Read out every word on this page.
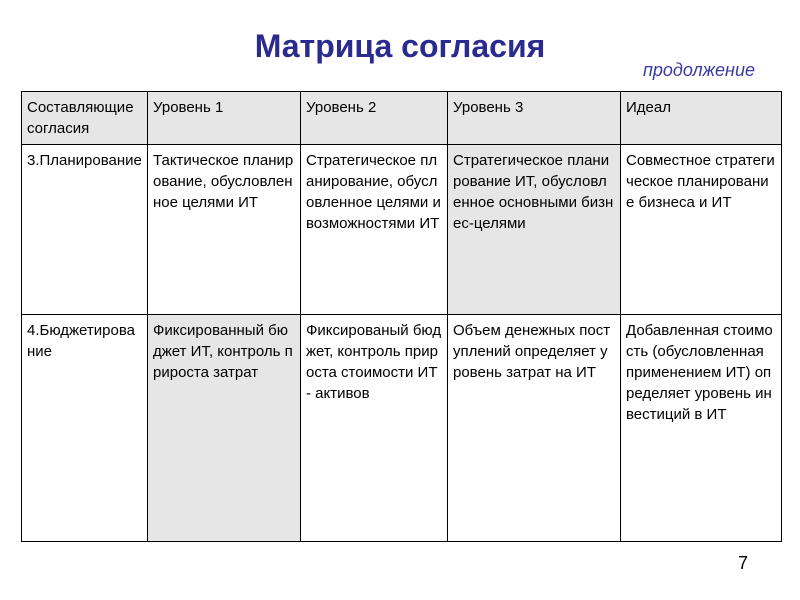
Матрица согласия
продолжение
Составляющие согласия	Уровень 1	Уровень 2	Уровень 3	Идеал
3.Планирование	Тактическое планирование, обусловленное целями ИТ	Стратегическое планирование, обусловленное целями и возможностями ИТ	Стратегическое планирование ИТ, обусловленное основными бизнес-целями	Совместное стратегическое планирование бизнеса и ИТ
4.Бюджетирование	Фиксированный бюджет ИТ, контроль прироста затрат	Фиксированый бюджет, контроль прироста стоимости ИТ - активов	Объем денежных поступлений определяет уровень затрат на ИТ	Добавленная стоимость (обусловленная применением ИТ) определяет уровень инвестиций в ИТ
7
